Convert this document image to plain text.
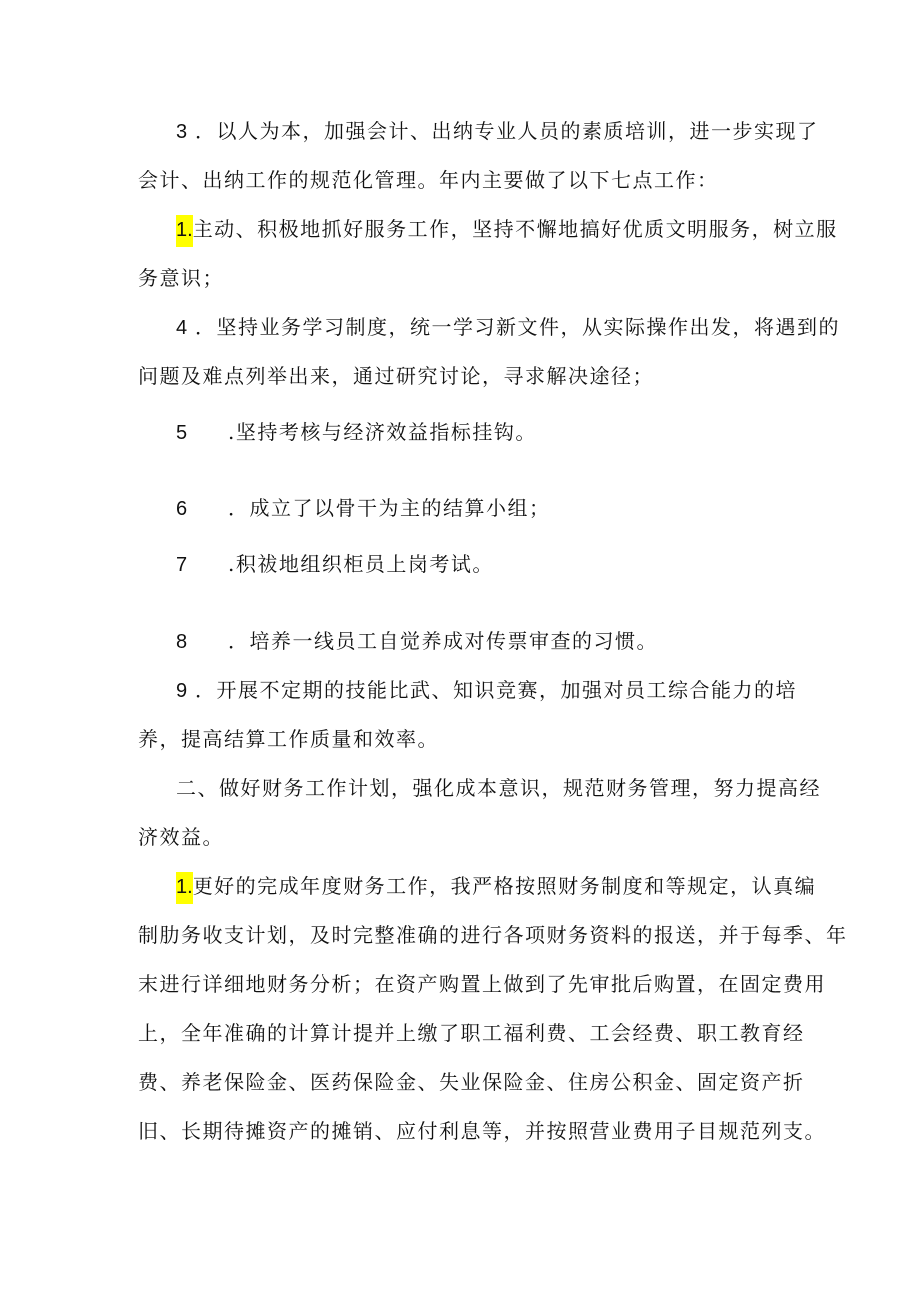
3 ．以人为本，加强会计、出纳专业人员的素质培训，进一步实现了
会计、出纳工作的规范化管理。年内主要做了以下七点工作：
1.主动、积极地抓好服务工作，坚持不懈地搞好优质文明服务，树立服
务意识；
4 ．坚持业务学习制度，统一学习新文件，从实际操作出发，将遇到的
问题及难点列举出来，通过研究讨论，寻求解决途径；
5 .坚持考核与经济效益指标挂钩。
6 ．成立了以骨干为主的结算小组；
7 .积祓地组织柜员上岗考试。
8 ．培养一线员工自觉养成对传票审查的习惯。
9 ．开展不定期的技能比武、知识竞赛，加强对员工综合能力的培
养，提高结算工作质量和效率。
二、做好财务工作计划，强化成本意识，规范财务管理，努力提高经
济效益。
1.更好的完成年度财务工作，我严格按照财务制度和等规定，认真编
制肋务收支计划，及时完整准确的进行各项财务资料的报送，并于每季、年
末进行详细地财务分析；在资产购置上做到了先审批后购置，在固定费用
上，全年准确的计算计提并上缴了职工福利费、工会经费、职工教育经
费、养老保险金、医药保险金、失业保险金、住房公积金、固定资产折
旧、长期待摊资产的摊销、应付利息等，并按照营业费用子目规范列支。
